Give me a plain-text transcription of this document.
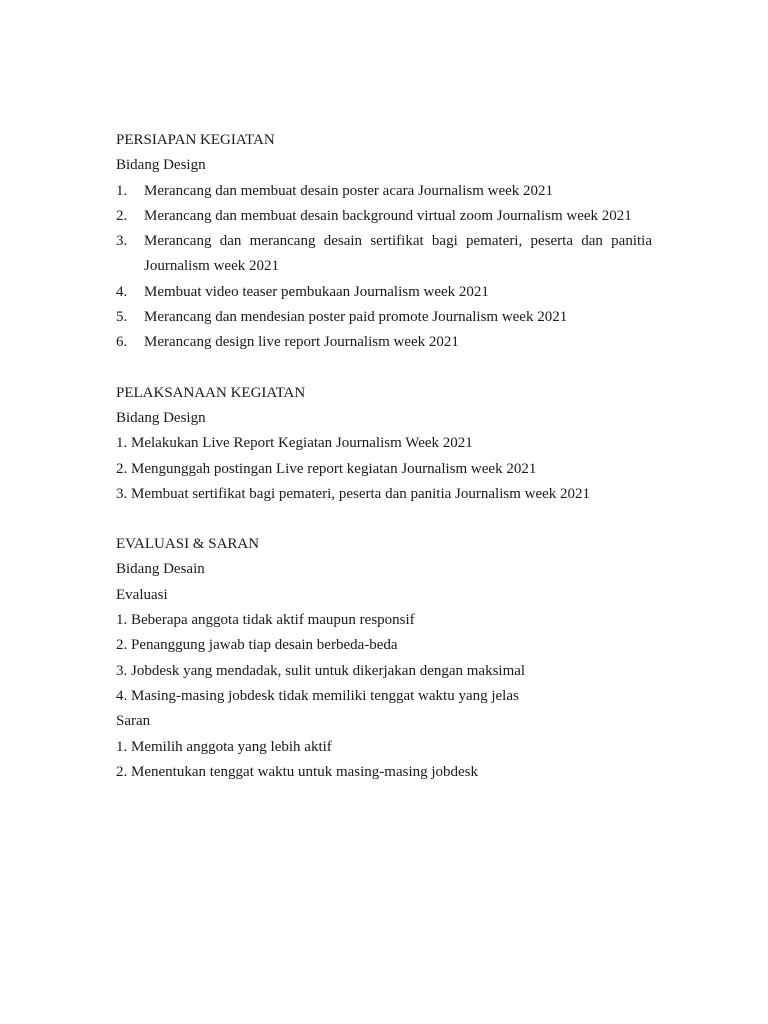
PERSIAPAN KEGIATAN
Bidang Design
1.	Merancang dan membuat desain poster acara Journalism week 2021
2.	Merancang dan membuat desain background virtual zoom Journalism week 2021
3.	Merancang dan merancang desain sertifikat bagi pemateri, peserta dan panitia Journalism week 2021
4.	Membuat video teaser pembukaan Journalism week 2021
5.	Merancang dan mendesian poster paid promote Journalism week 2021
6.	Merancang design live report Journalism week 2021
PELAKSANAAN KEGIATAN
Bidang Design
1. Melakukan Live Report Kegiatan Journalism Week 2021
2. Mengunggah postingan Live report kegiatan Journalism week 2021
3. Membuat sertifikat bagi pemateri, peserta dan panitia Journalism week 2021
EVALUASI & SARAN
Bidang Desain
Evaluasi
1. Beberapa anggota tidak aktif maupun responsif
2. Penanggung jawab tiap desain berbeda-beda
3. Jobdesk yang mendadak, sulit untuk dikerjakan dengan maksimal
4. Masing-masing jobdesk tidak memiliki tenggat waktu yang jelas
Saran
1. Memilih anggota yang lebih aktif
2. Menentukan tenggat waktu untuk masing-masing jobdesk
